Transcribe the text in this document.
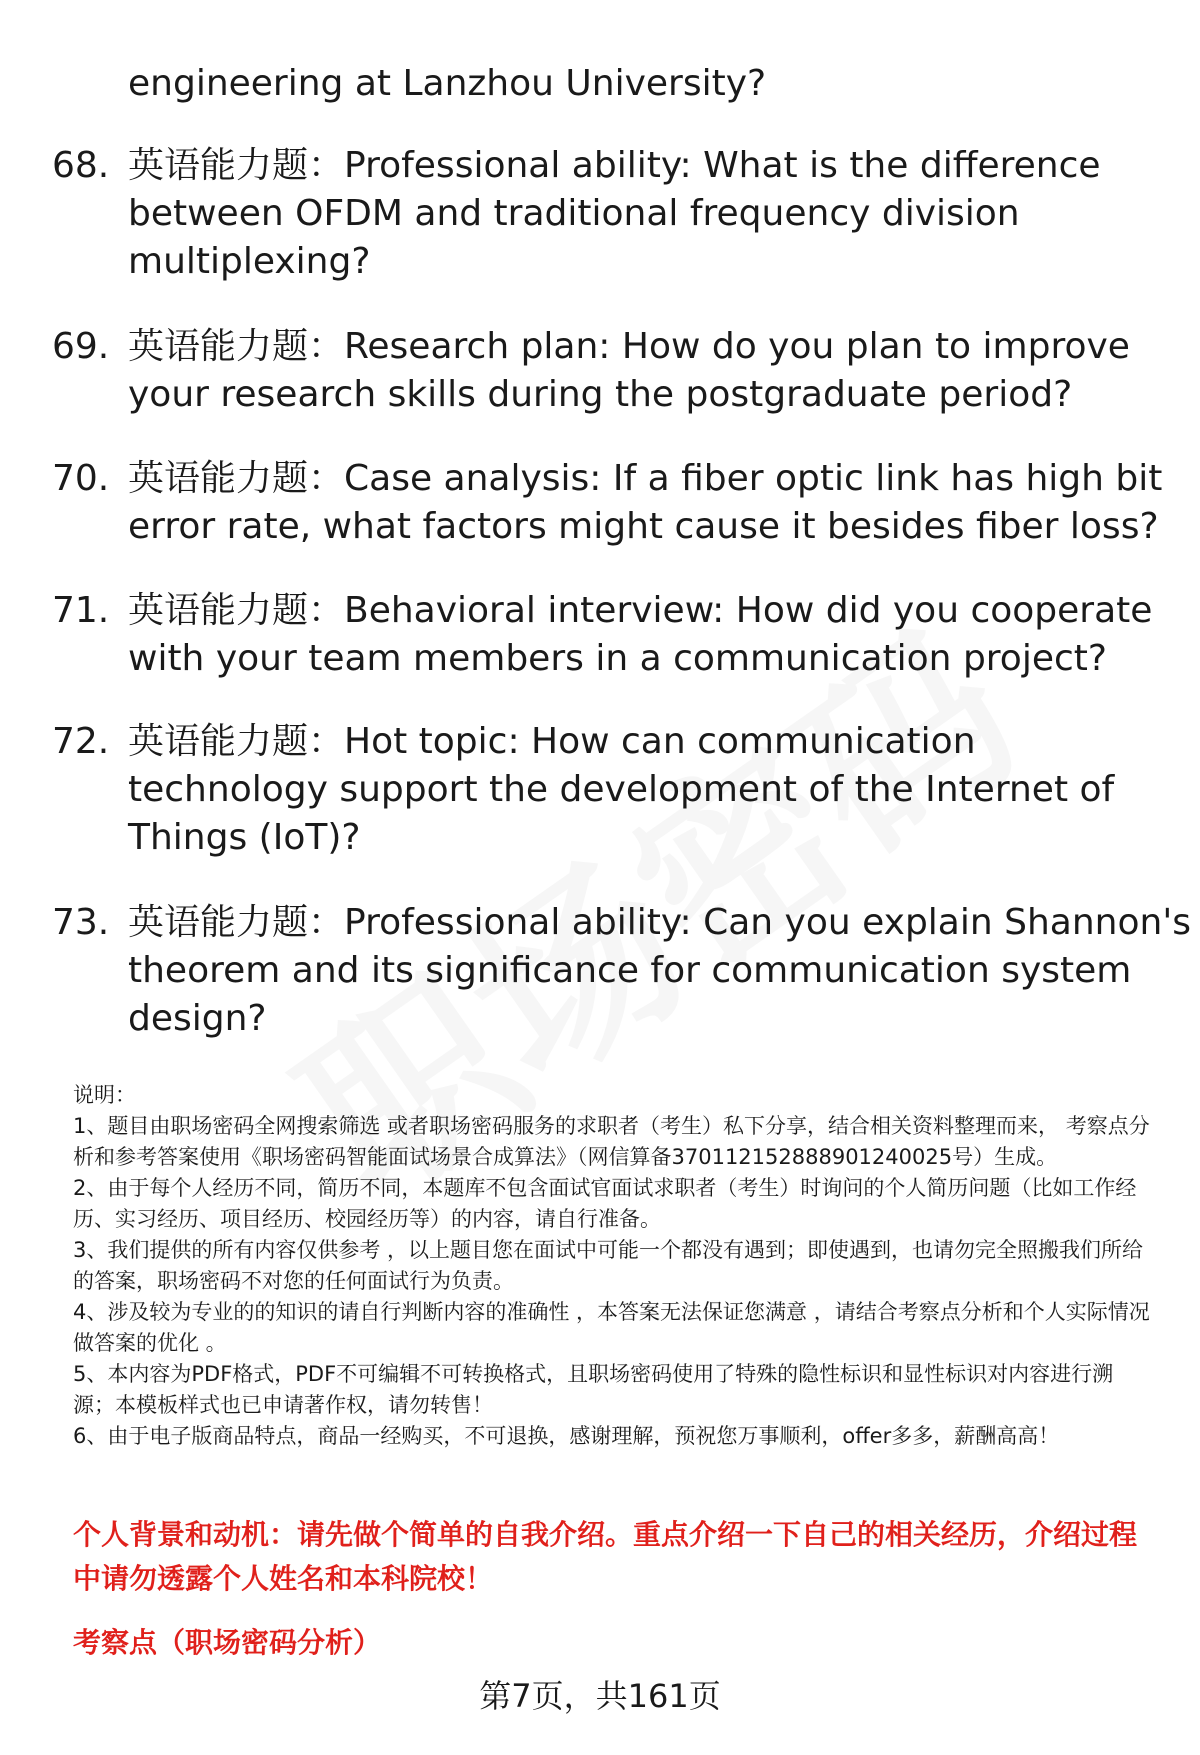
engineering at Lanzhou University?
68. 英语能力题：Professional ability: What is the difference
between OFDM and traditional frequency division
multiplexing?
69. 英语能力题：Research plan: How do you plan to improve
your research skills during the postgraduate period?
70. 英语能力题：Case analysis: If a fiber optic link has high bit
error rate, what factors might cause it besides fiber loss?
71. 英语能力题：Behavioral interview: How did you cooperate
with your team members in a communication project?
72. 英语能力题：Hot topic: How can communication
technology support the development of the Internet of
Things (IoT)?
73. 英语能力题：Professional ability: Can you explain Shannon's
theorem and its significance for communication system
design?

说明：

1、题目由职场密码全网搜索筛选 或者职场密码服务的求职者（考生）私下分享，结合相关资料整理而来， 考察点分析和参考答案使用《职场密码智能面试场景合成算法》（网信算备370112152888901240025号）生成。

2、由于每个人经历不同，简历不同，本题库不包含面试官面试求职者（考生）时询问的个人简历问题（比如工作经历、实习经历、项目经历、校园经历等）的内容，请自行准备。

3、我们提供的所有内容仅供参考 ，以上题目您在面试中可能一个都没有遇到；即使遇到，也请勿完全照搬我们所给的答案，职场密码不对您的任何面试行为负责。

4、涉及较为专业的的知识的请自行判断内容的准确性 ，本答案无法保证您满意 ，请结合考察点分析和个人实际情况做答案的优化 。

5、本内容为PDF格式，PDF不可编辑不可转换格式，且职场密码使用了特殊的隐性标识和显性标识对内容进行溯源；本模板样式也已申请著作权，请勿转售！

6、由于电子版商品特点，商品一经购买，不可退换，感谢理解，预祝您万事顺利，offer多多，薪酬高高！

个人背景和动机：请先做个简单的自我介绍。重点介绍一下自己的相关经历，介绍过程中请勿透露个人姓名和本科院校！
考察点（职场密码分析）
第7页，共161页
